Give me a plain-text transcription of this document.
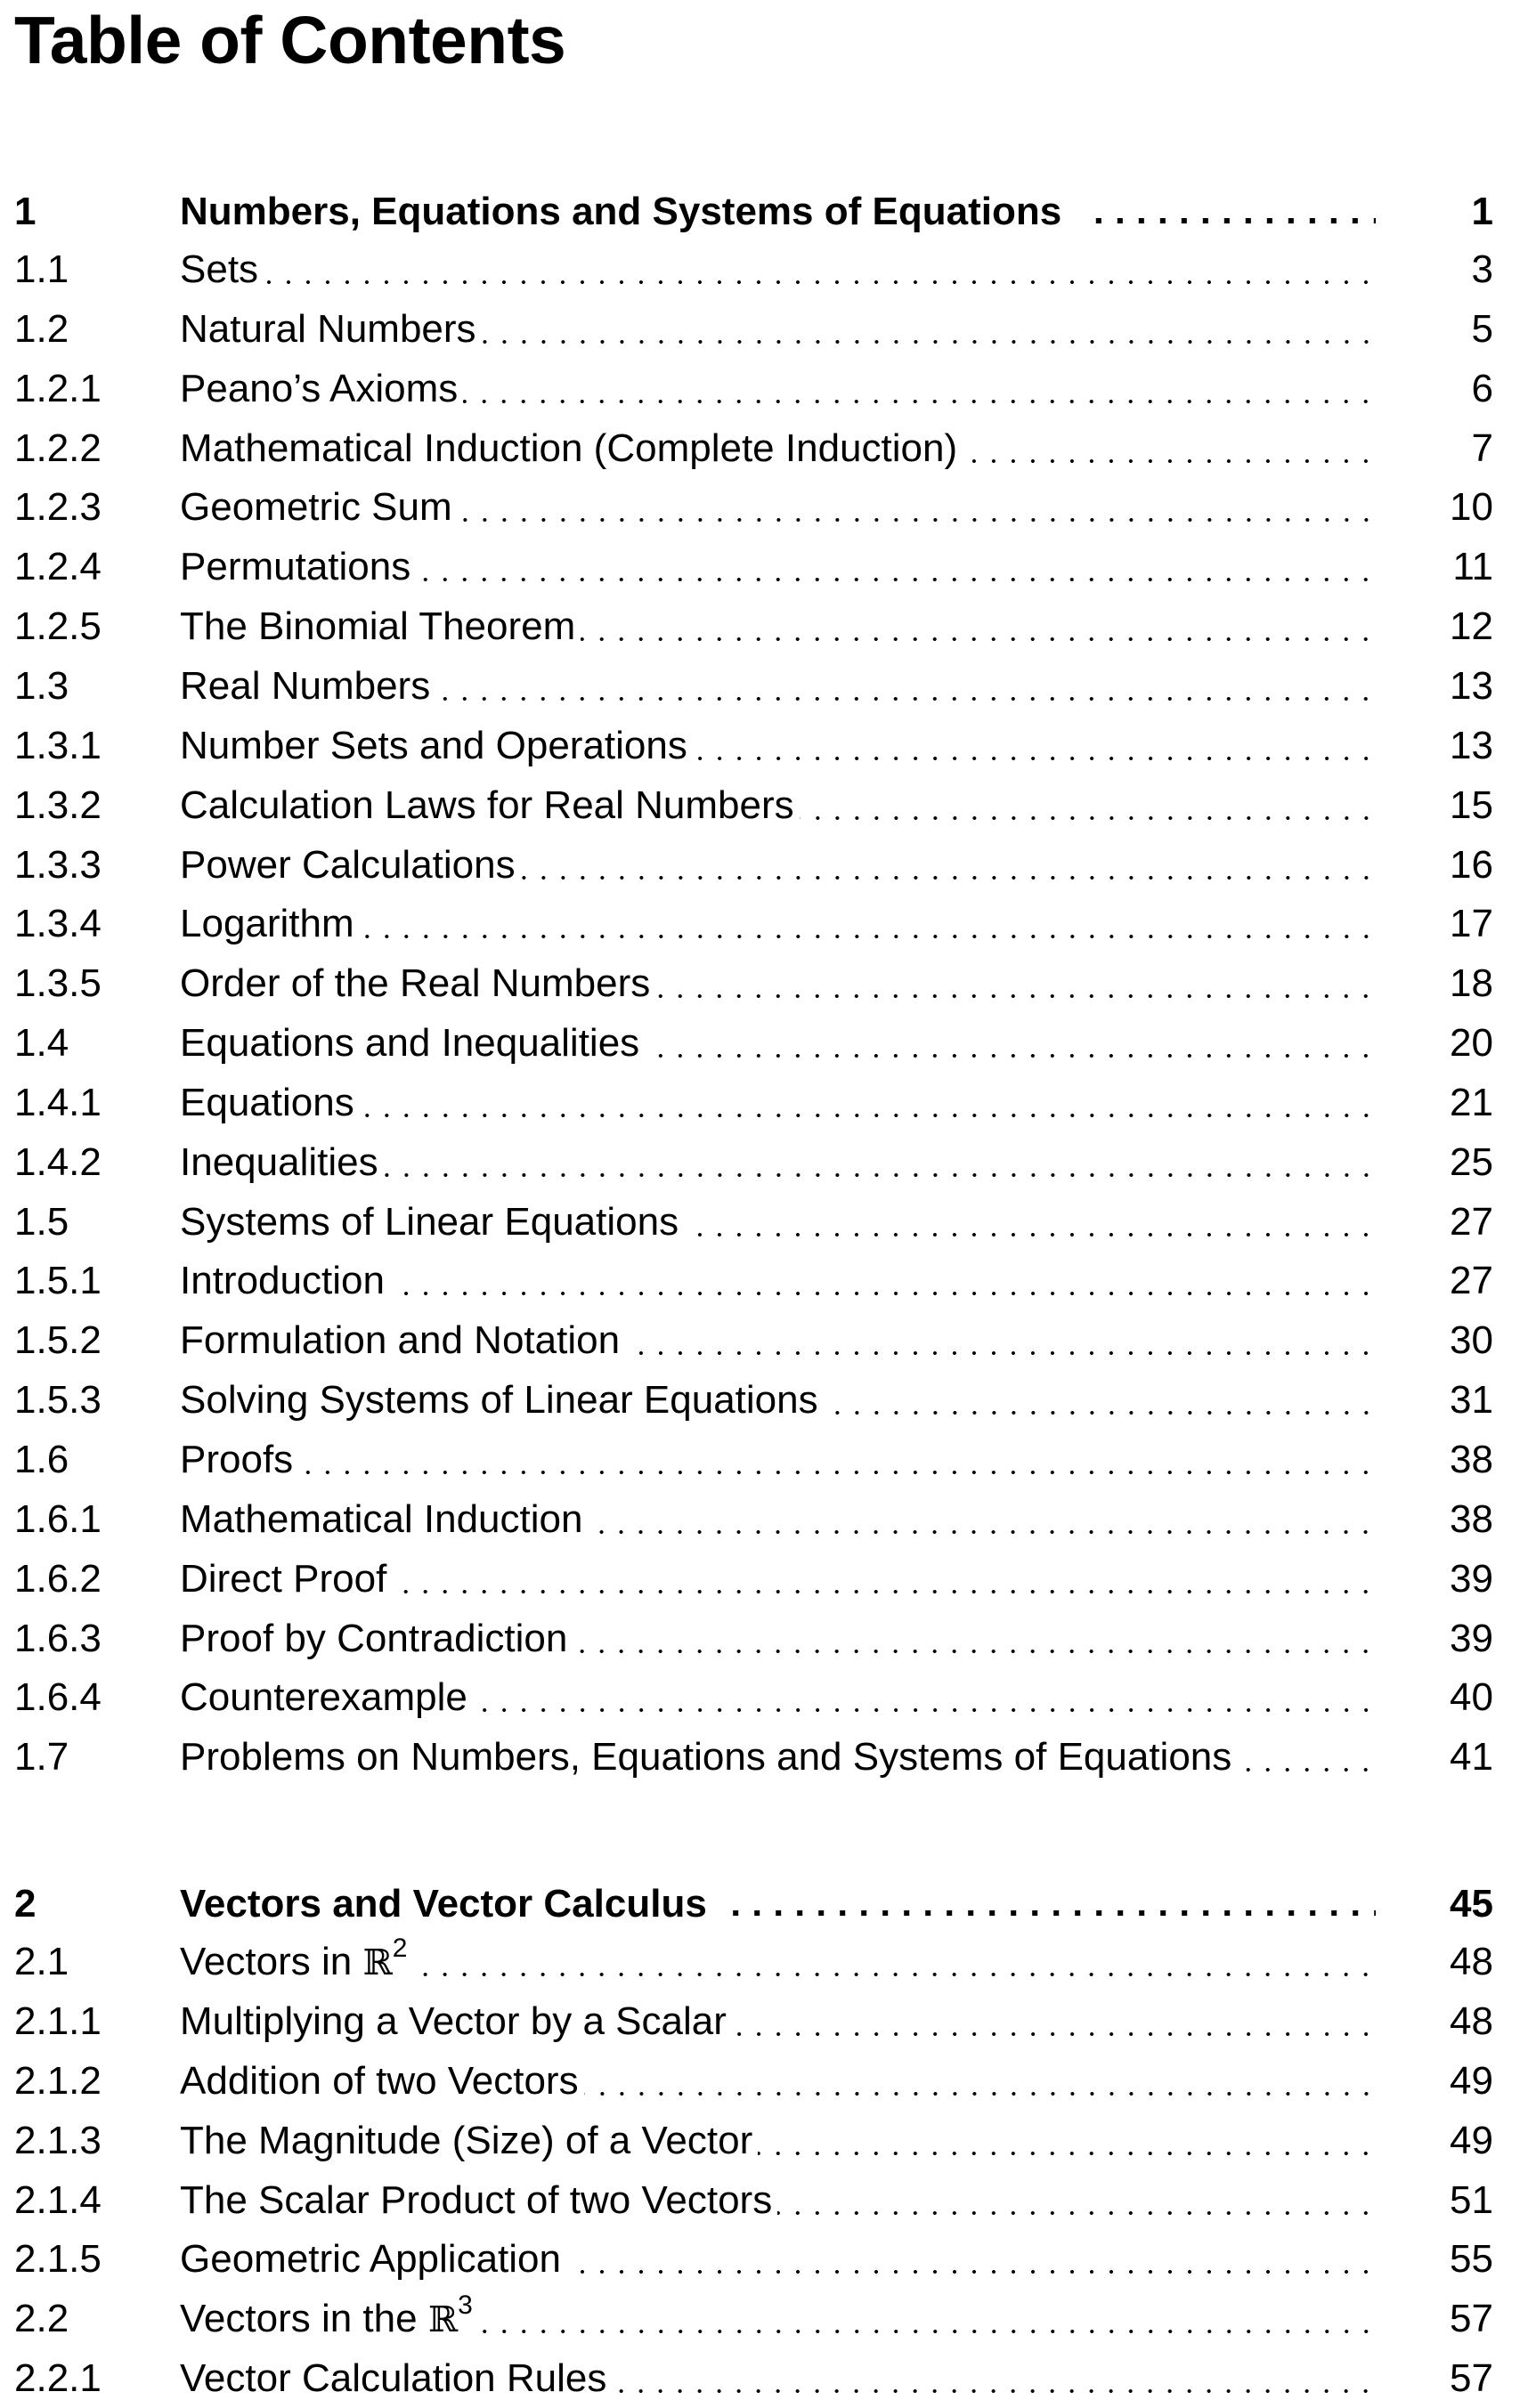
Table of Contents
1	Numbers, Equations and Systems of Equations	1
1.1	Sets	3
1.2	Natural Numbers	5
1.2.1 Peano’s Axioms	6
1.2.2 Mathematical Induction (Complete Induction)	7
1.2.3 Geometric Sum	10
1.2.4 Permutations	11
1.2.5 The Binomial Theorem	12
1.3	Real Numbers	13
1.3.1 Number Sets and Operations	13
1.3.2 Calculation Laws for Real Numbers	15
1.3.3 Power Calculations	16
1.3.4 Logarithm	17
1.3.5 Order of the Real Numbers	18
1.4	Equations and Inequalities	20
1.4.1 Equations	21
1.4.2 Inequalities	25
1.5	Systems of Linear Equations	27
1.5.1 Introduction	27
1.5.2 Formulation and Notation	30
1.5.3 Solving Systems of Linear Equations	31
1.6	Proofs	38
1.6.1 Mathematical Induction	38
1.6.2 Direct Proof	39
1.6.3 Proof by Contradiction	39
1.6.4 Counterexample	40
1.7	Problems on Numbers, Equations and Systems of Equations	41
2	Vectors and Vector Calculus	45
2.1	Vectors in ℝ$^2$	48
2.1.1 Multiplying a Vector by a Scalar	48
2.1.2 Addition of two Vectors	49
2.1.3 The Magnitude (Size) of a Vector	49
2.1.4 The Scalar Product of two Vectors	51
2.1.5 Geometric Application	55
2.2	Vectors in the ℝ$^3$	57
2.2.1 Vector Calculation Rules	57
